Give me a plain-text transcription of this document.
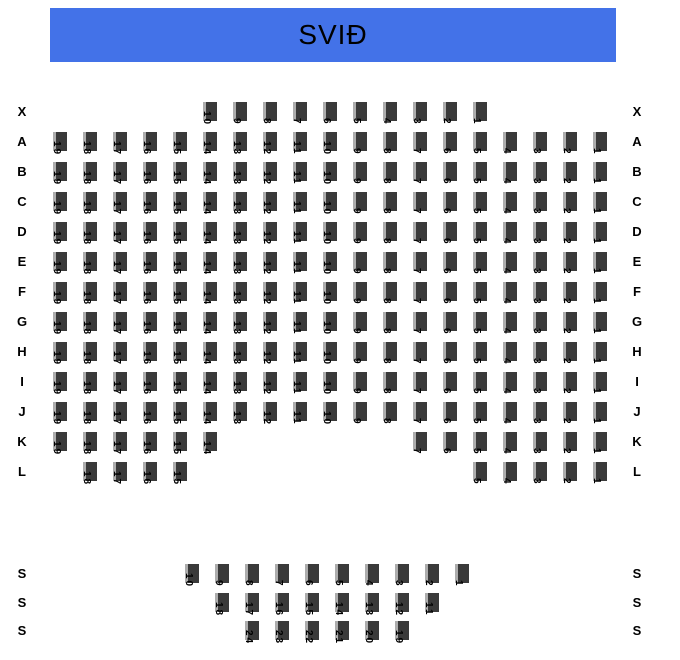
SVIÐ
X	X
10 9 8 7 6 5 4 3 2 1
A	A
19 18 17 16 15 14 13 12 11 10 9 8 7 6 5 4 3 2 1
B	B
19 18 17 16 15 14 13 12 11 10 9 8 7 6 5 4 3 2 1
C	C
19 18 17 16 15 14 13 12 11 10 9 8 7 6 5 4 3 2 1
D	D
19 18 17 16 15 14 13 12 11 10 9 8 7 6 5 4 3 2 1
E	E
19 18 17 16 15 14 13 12 11 10 9 8 7 6 5 4 3 2 1
F	F
19 18 17 16 15 14 13 12 11 10 9 8 7 6 5 4 3 2 1
G	G
19 18 17 16 15 14 13 12 11 10 9 8 7 6 5 4 3 2 1
H	H
19 18 17 16 15 14 13 12 11 10 9 8 7 6 5 4 3 2 1
I	I
19 18 17 16 15 14 13 12 11 10 9 8 7 6 5 4 3 2 1
J	J
19 18 17 16 15 14 13 12 11 10 9 8 7 6 5 4 3 2 1
K	K
19 18 17 16 15 14	7 6 5 4 3 2 1
L	L
18 17 16 15	5 4 3 2 1
S	S
10 9 8 7 6 5 4 3 2 1
S	S
18 17 16 15 14 13 12 11
S	S
24 23 22 21 20 19
